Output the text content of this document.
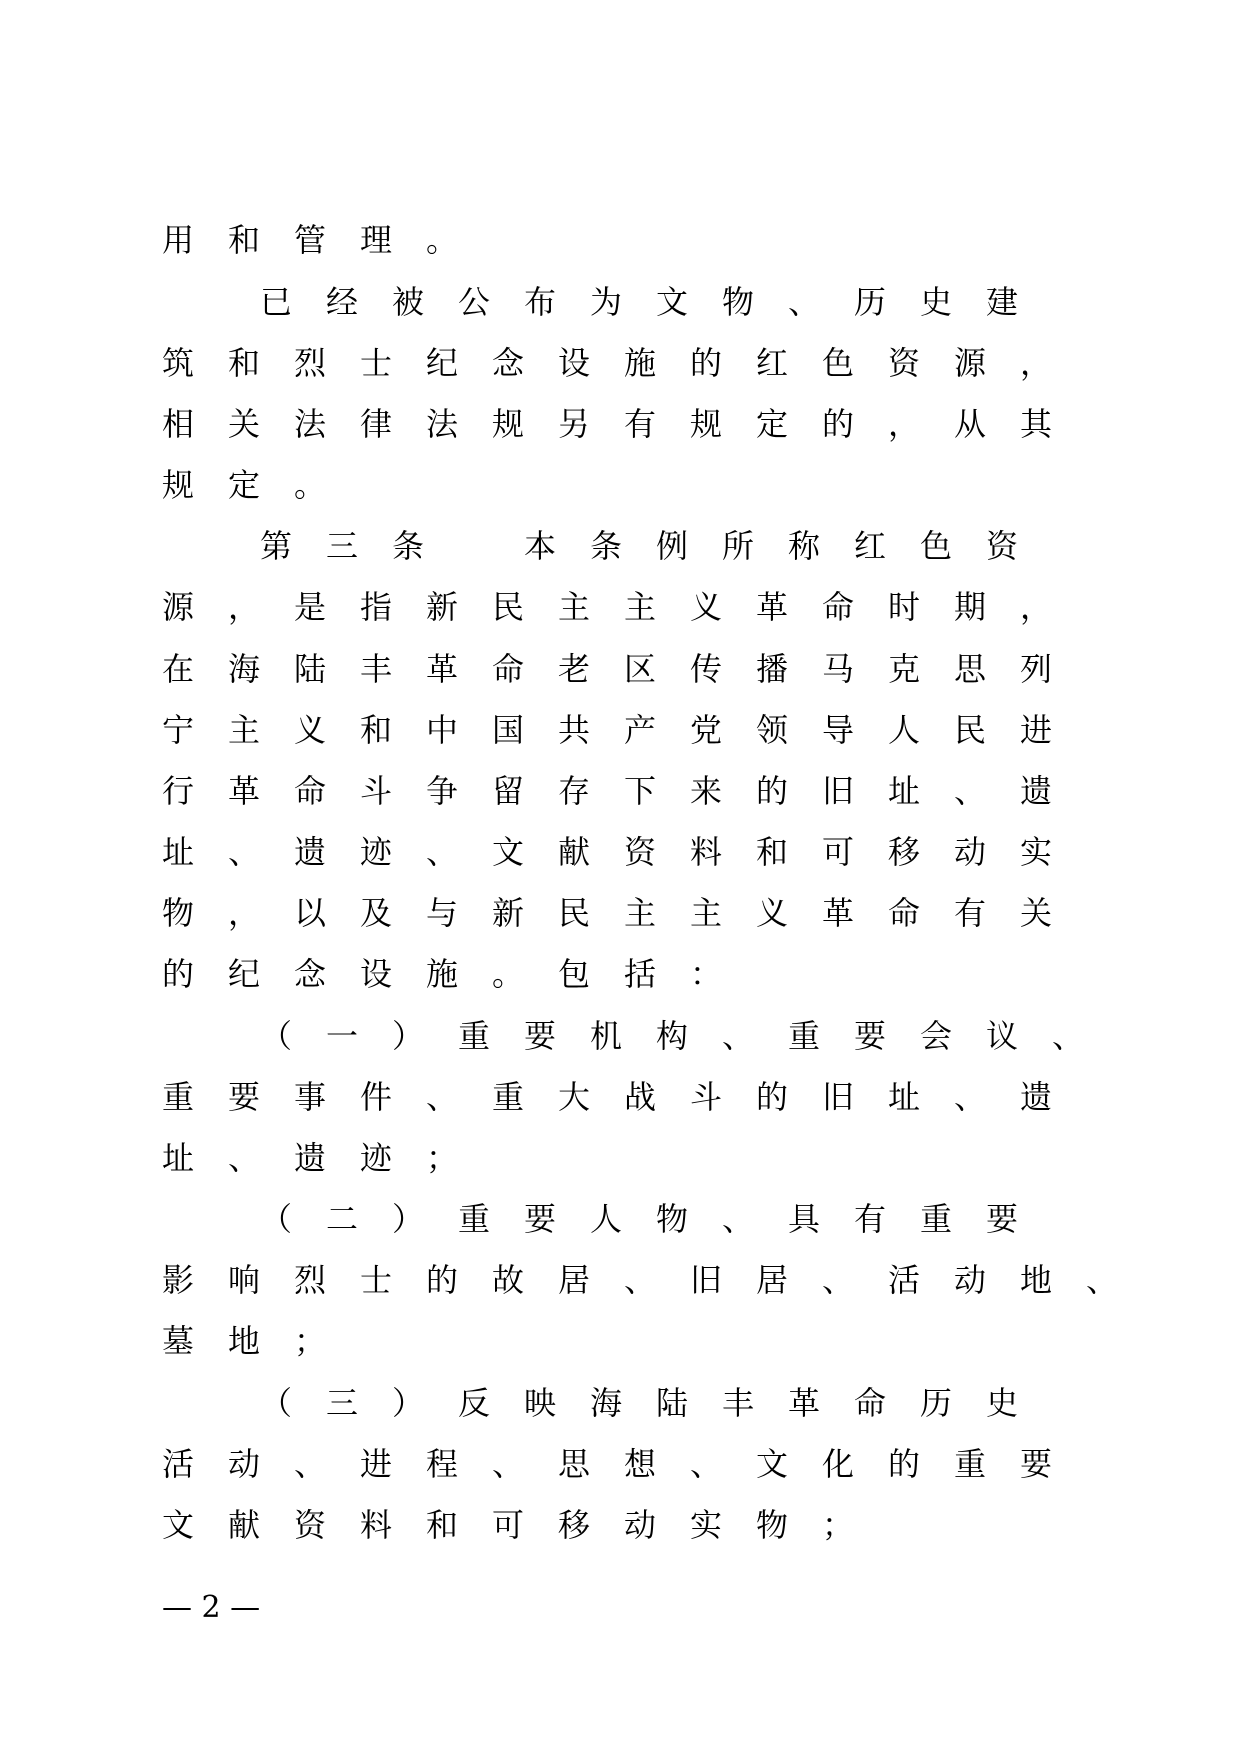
用和管理。
已经被公布为文物、历史建
筑和烈士纪念设施的红色资源，
相关法律法规另有规定的，从其
规定。
第三条　本条例所称红色资
源，是指新民主主义革命时期，
在海陆丰革命老区传播马克思列
宁主义和中国共产党领导人民进
行革命斗争留存下来的旧址、遗
址、遗迹、文献资料和可移动实
物，以及与新民主主义革命有关
的纪念设施。包括：
（一）重要机构、重要会议、
重要事件、重大战斗的旧址、遗
址、遗迹；
（二）重要人物、具有重要
影响烈士的故居、旧居、活动地、
墓地；
（三）反映海陆丰革命历史
活动、进程、思想、文化的重要
文献资料和可移动实物；
— 2 —
